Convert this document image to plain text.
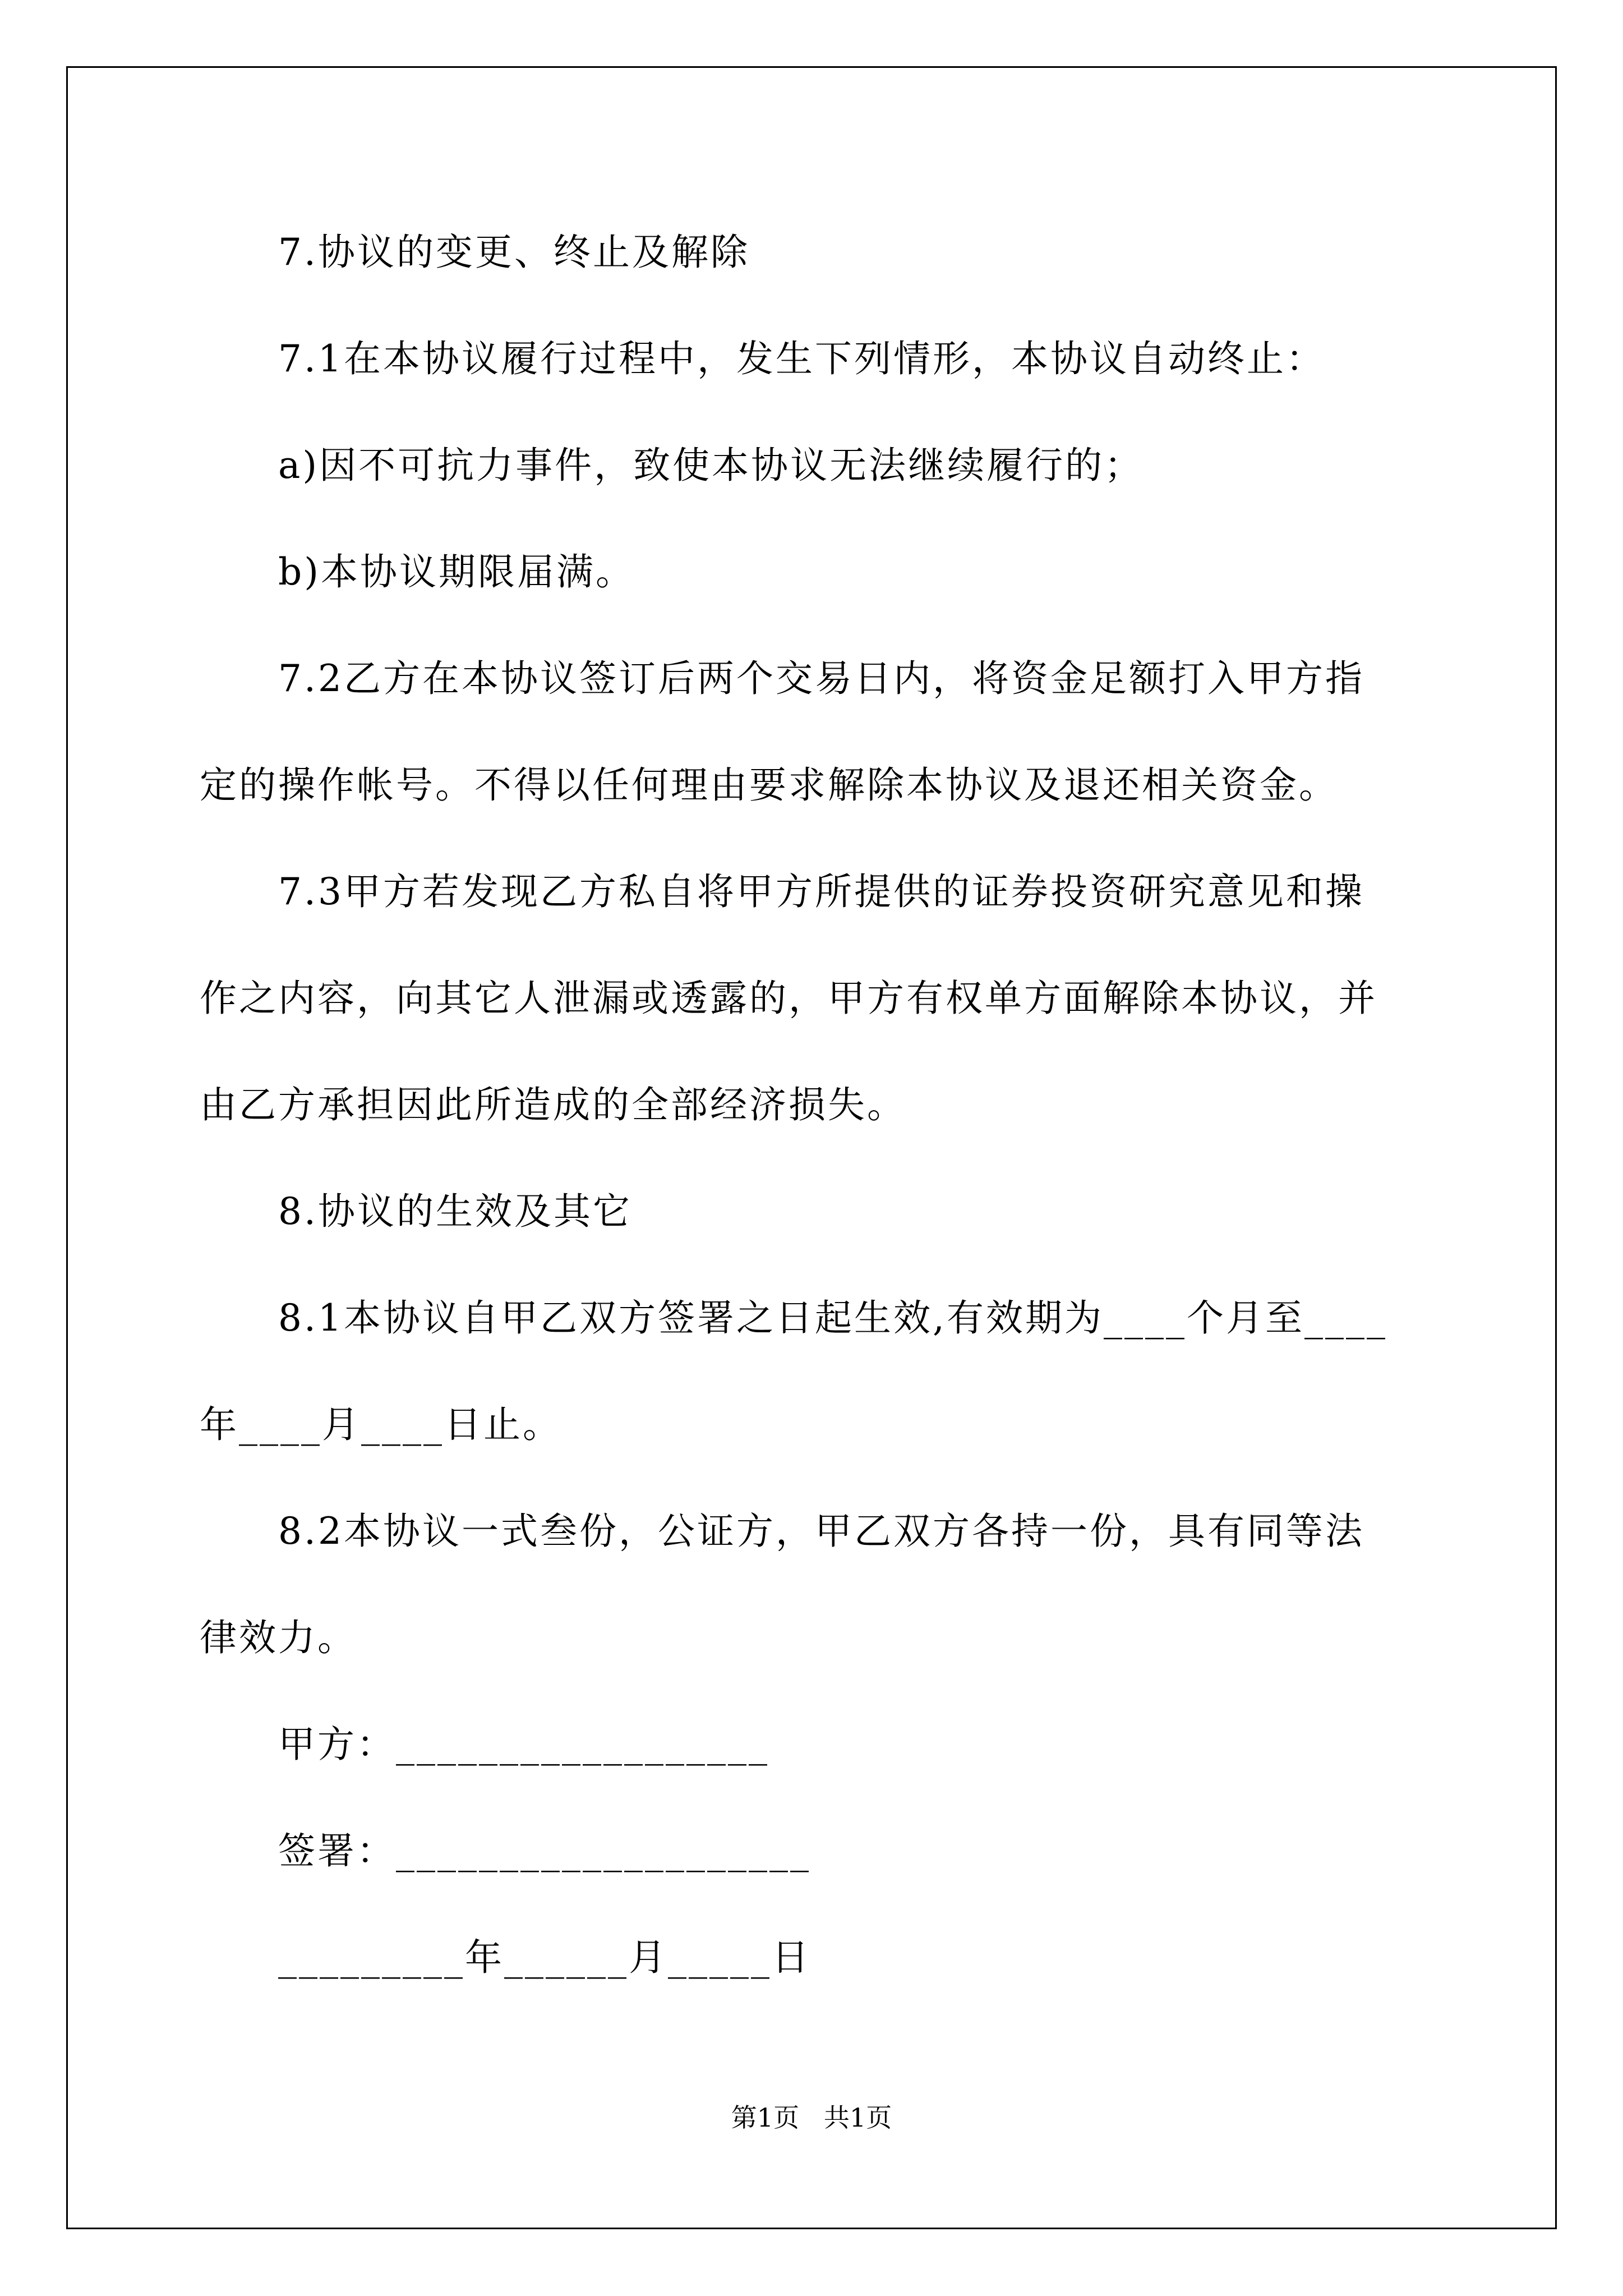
7.协议的变更、终止及解除
7.1在本协议履行过程中，发生下列情形，本协议自动终止：
a)因不可抗力事件，致使本协议无法继续履行的；
b)本协议期限届满。
7.2乙方在本协议签订后两个交易日内，将资金足额打入甲方指
定的操作帐号。不得以任何理由要求解除本协议及退还相关资金。
7.3甲方若发现乙方私自将甲方所提供的证券投资研究意见和操
作之内容，向其它人泄漏或透露的，甲方有权单方面解除本协议，并
由乙方承担因此所造成的全部经济损失。
8.协议的生效及其它
8.1本协议自甲乙双方签署之日起生效,有效期为____个月至____
年____月____日止。
8.2本协议一式叁份，公证方，甲乙双方各持一份，具有同等法
律效力。
甲方：__________________
签署：____________________
_________年______月_____日
第1页   共1页
